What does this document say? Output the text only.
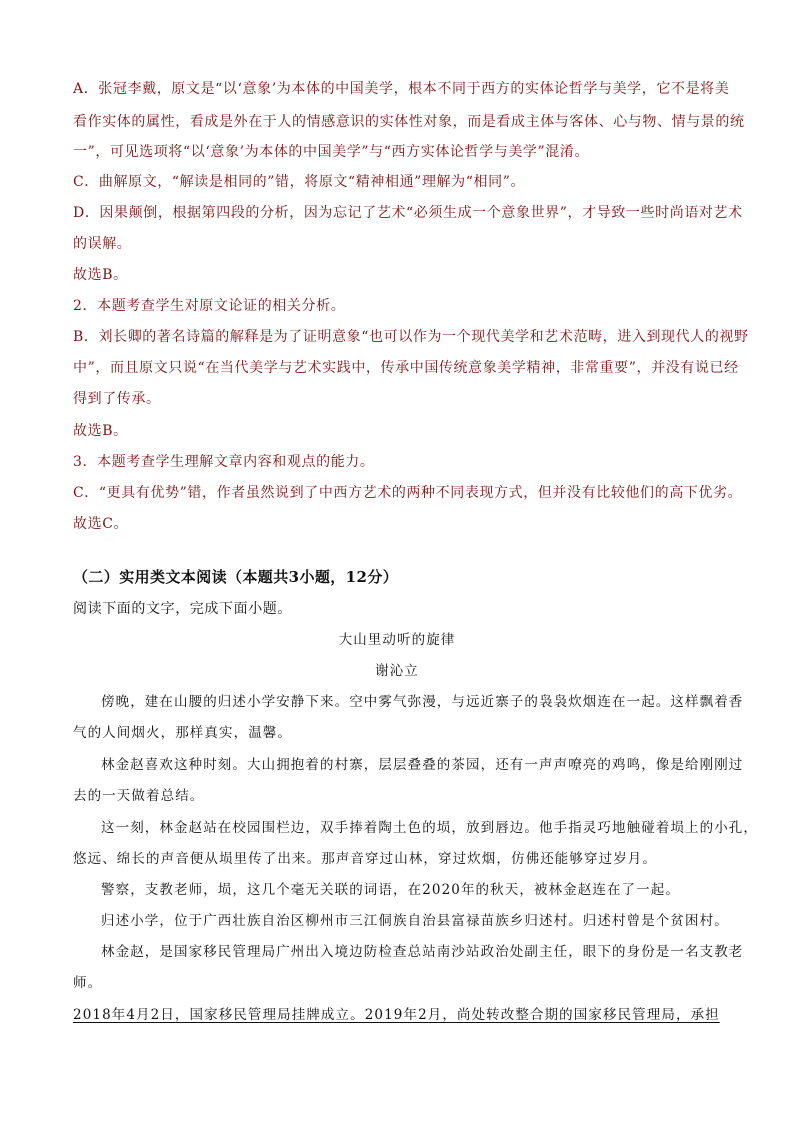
A．张冠李戴，原文是“以‘意象’为本体的中国美学，根本不同于西方的实体论哲学与美学，它不是将美
看作实体的属性，看成是外在于人的情感意识的实体性对象，而是看成主体与客体、心与物、情与景的统
一”，可见选项将“以‘意象’为本体的中国美学”与“西方实体论哲学与美学”混淆。
C．曲解原文，“解读是相同的”错，将原文“精神相通”理解为“相同”。
D．因果颠倒，根据第四段的分析，因为忘记了艺术“必须生成一个意象世界”，才导致一些时尚语对艺术
的误解。
故选B。
2．本题考查学生对原文论证的相关分析。
B．刘长卿的著名诗篇的解释是为了证明意象“也可以作为一个现代美学和艺术范畴，进入到现代人的视野
中”，而且原文只说“在当代美学与艺术实践中，传承中国传统意象美学精神，非常重要”，并没有说已经
得到了传承。
故选B。
3．本题考查学生理解文章内容和观点的能力。
C．“更具有优势”错，作者虽然说到了中西方艺术的两种不同表现方式，但并没有比较他们的高下优劣。
故选C。
（二）实用类文本阅读（本题共3小题，12分）
阅读下面的文字，完成下面小题。
大山里动听的旋律
谢沁立
傍晚，建在山腰的归述小学安静下来。空中雾气弥漫，与远近寨子的袅袅炊烟连在一起。这样飘着香
气的人间烟火，那样真实，温馨。
林金赵喜欢这种时刻。大山拥抱着的村寨，层层叠叠的茶园，还有一声声嘹亮的鸡鸣，像是给刚刚过
去的一天做着总结。
这一刻，林金赵站在校园围栏边，双手捧着陶土色的埙，放到唇边。他手指灵巧地触碰着埙上的小孔，
悠远、绵长的声音便从埙里传了出来。那声音穿过山林，穿过炊烟，仿佛还能够穿过岁月。
警察，支教老师，埙，这几个毫无关联的词语，在2020年的秋天，被林金赵连在了一起。
归述小学，位于广西壮族自治区柳州市三江侗族自治县富禄苗族乡归述村。归述村曾是个贫困村。
林金赵，是国家移民管理局广州出入境边防检查总站南沙站政治处副主任，眼下的身份是一名支教老
师。
2018年4月2日，国家移民管理局挂牌成立。2019年2月，尚处转改整合期的国家移民管理局，承担
